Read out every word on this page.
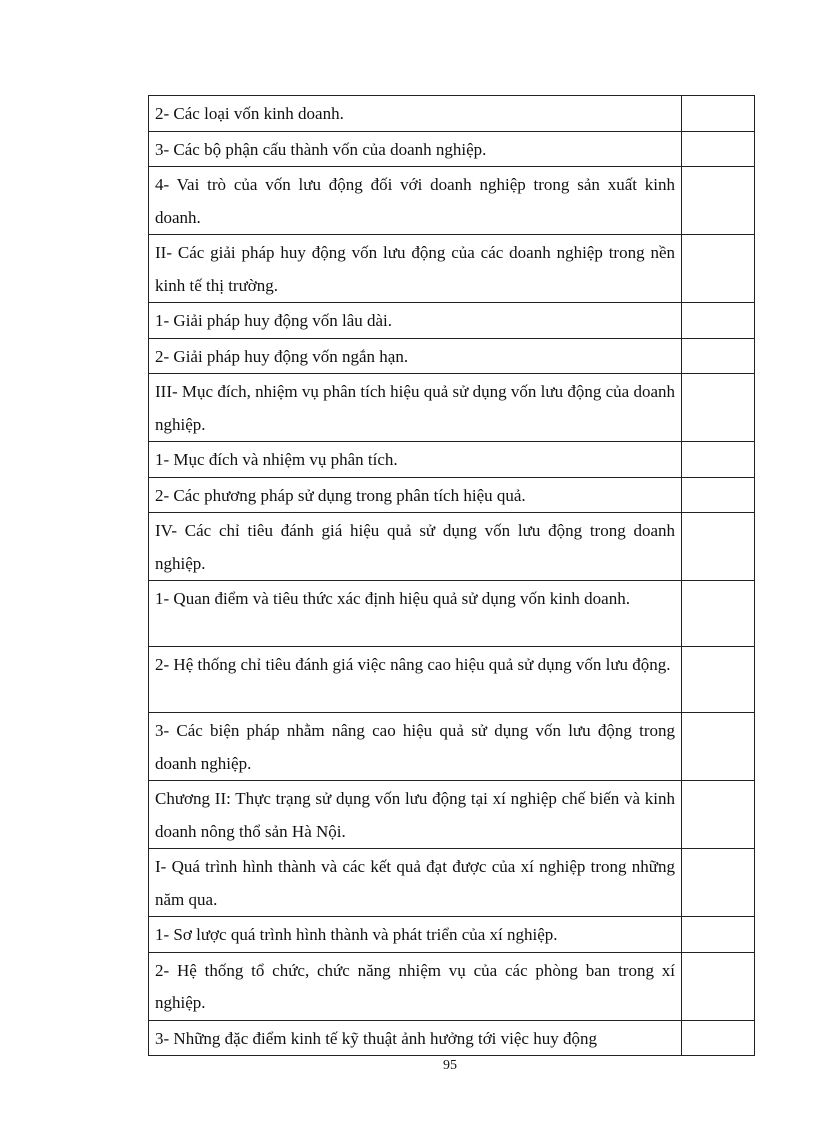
2- Các loại vốn kinh doanh.	
3- Các bộ phận cấu thành vốn của doanh nghiệp.	
4- Vai trò của vốn lưu động đối với doanh nghiệp trong sản xuất kinh doanh.	
II- Các giải pháp huy động vốn lưu động của các doanh nghiệp trong nền kinh tế thị trường.	
1- Giải pháp huy động vốn lâu dài.	
2- Giải pháp huy động vốn ngắn hạn.	
III- Mục đích, nhiệm vụ phân tích hiệu quả sử dụng vốn lưu động của doanh nghiệp.	
1- Mục đích và nhiệm vụ phân tích.	
2- Các phương pháp sử dụng trong phân tích hiệu quả.	
IV- Các chỉ tiêu đánh giá hiệu quả sử dụng vốn lưu động trong doanh nghiệp.	
1- Quan điểm và tiêu thức xác định hiệu quả sử dụng vốn kinh doanh.	
2- Hệ thống chỉ tiêu đánh giá việc nâng cao hiệu quả sử dụng vốn lưu động.	
3- Các biện pháp nhằm nâng cao hiệu quả sử dụng vốn lưu động trong doanh nghiệp.	
Chương II: Thực trạng sử dụng vốn lưu động tại xí nghiệp chế biến và kinh doanh nông thổ sản Hà Nội.	
I- Quá trình hình thành và các kết quả đạt được của xí nghiệp trong những năm qua.	
1- Sơ lược quá trình hình thành và phát triển của xí nghiệp.	
2- Hệ thống tổ chức, chức năng nhiệm vụ của các phòng ban trong xí nghiệp.	
3- Những đặc điểm kinh tế kỹ thuật ảnh hưởng tới việc huy động	
95
